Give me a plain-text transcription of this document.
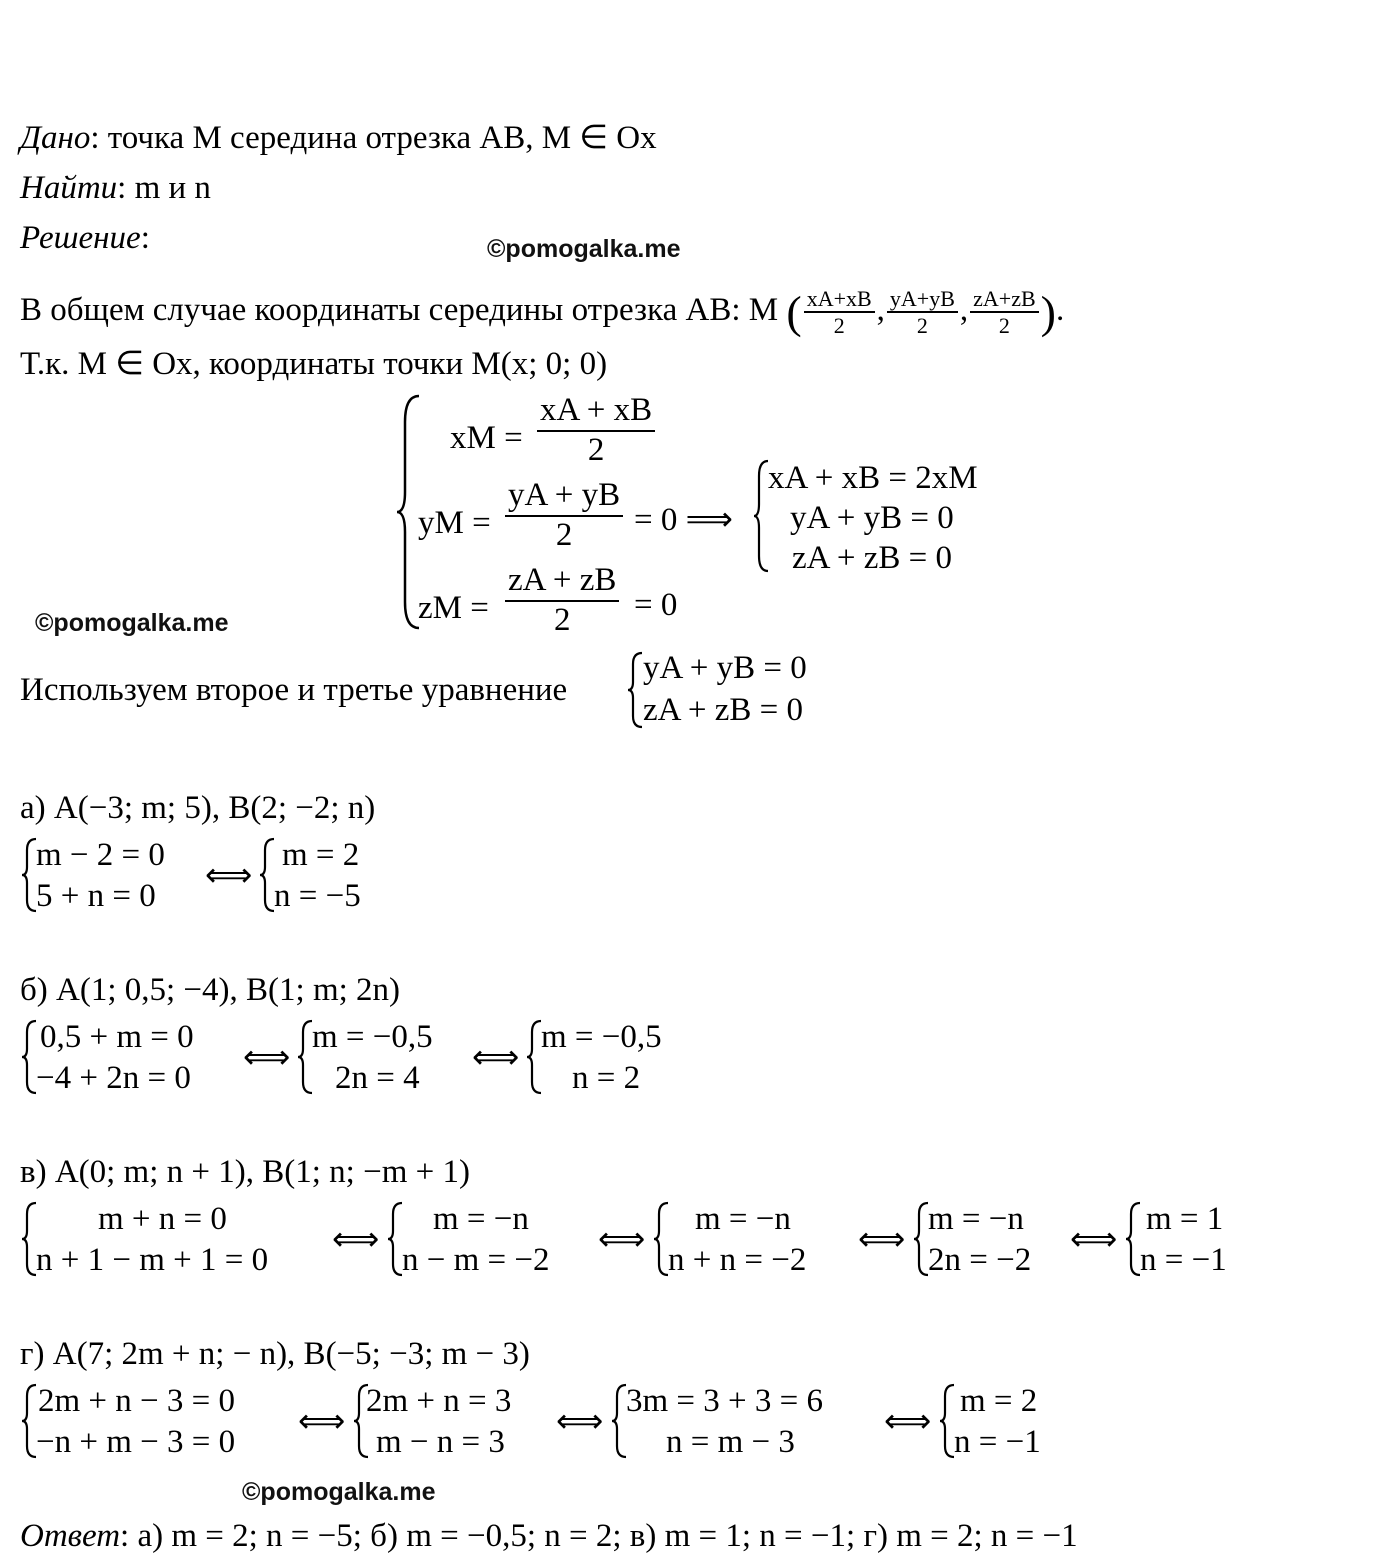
Дано: точка M середина отрезка AB, M ∈ Ox
Найти: m и n
Решение:	©pomogalka.me
В общем случае координаты середины отрезка AB: M ( $\frac{xA+xB}{2}$ , $\frac{yA+yB}{2}$ , $\frac{zA+zB}{2}$ ).
Т.к. M ∈ Ox, координаты точки M(x; 0; 0)
xM = $\frac{xA + xB}{2}$
yM = $\frac{yA + yB}{2} = 0$ ⟹
zM = $\frac{zA + zB}{2} = 0$
xA + xB = 2xM
yA + yB = 0
zA + zB = 0
©pomogalka.me
Используем второе и третье уравнение
yA + yB = 0
zA + zB = 0
а) A(−3; m; 5), B(2; −2; n)
m − 2 = 0
5 + n = 0
⟺
m = 2
n = −5
б) A(1; 0,5; −4), B(1; m; 2n)
0,5 + m = 0
−4 + 2n = 0
⟺
m = −0,5
2n = 4
⟺
m = −0,5
n = 2
в) A(0; m; n + 1), B(1; n; −m + 1)
m + n = 0
n + 1 − m + 1 = 0
⟺
m = −n
n − m = −2
⟺
m = −n
n + n = −2
⟺
m = −n
2n = −2
⟺
m = 1
n = −1
г) A(7; 2m + n; − n), B(−5; −3; m − 3)
2m + n − 3 = 0
−n + m − 3 = 0
⟺
2m + n = 3
m − n = 3
⟺
3m = 3 + 3 = 6
n = m − 3
⟺
m = 2
n = −1
©pomogalka.me
Ответ: а) m = 2; n = −5; б) m = −0,5; n = 2; в) m = 1; n = −1; г) m = 2; n = −1
